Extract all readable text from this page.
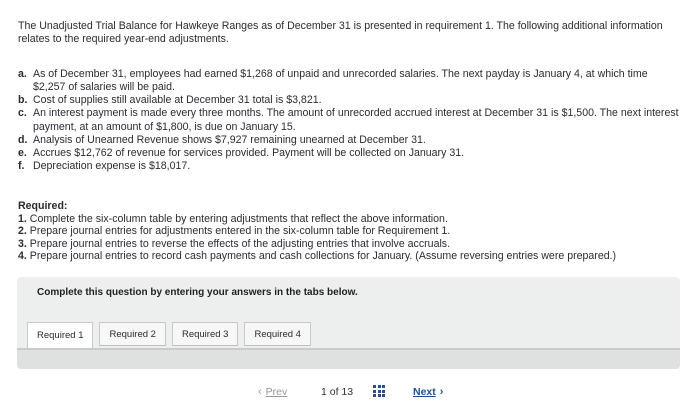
The Unadjusted Trial Balance for Hawkeye Ranges as of December 31 is presented in requirement 1. The following additional information relates to the required year-end adjustments.

a. As of December 31, employees had earned $1,268 of unpaid and unrecorded salaries. The next payday is January 4, at which time $2,257 of salaries will be paid.
b. Cost of supplies still available at December 31 total is $3,821.
c. An interest payment is made every three months. The amount of unrecorded accrued interest at December 31 is $1,500. The next interest payment, at an amount of $1,800, is due on January 15.
d. Analysis of Unearned Revenue shows $7,927 remaining unearned at December 31.
e. Accrues $12,762 of revenue for services provided. Payment will be collected on January 31.
f. Depreciation expense is $18,017.
Required:
1. Complete the six-column table by entering adjustments that reflect the above information.
2. Prepare journal entries for adjustments entered in the six-column table for Requirement 1.
3. Prepare journal entries to reverse the effects of the adjusting entries that involve accruals.
4. Prepare journal entries to record cash payments and cash collections for January. (Assume reversing entries were prepared.)
Complete this question by entering your answers in the tabs below.
Required 1	Required 2	Required 3	Required 4
‹ Prev	1 of 13	Next ›
